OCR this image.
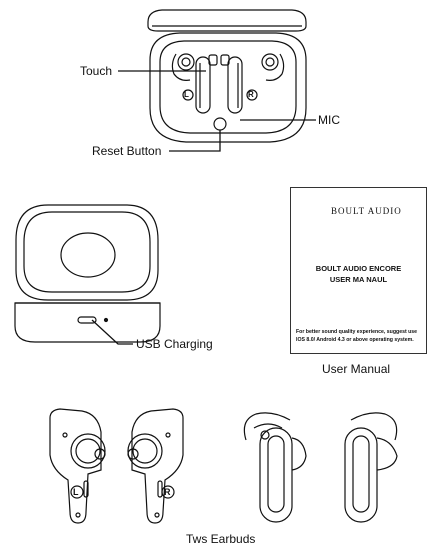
L	R
L	R
Touch
MIC
Reset Button
USB Charging
User Manual
Tws Earbuds
BOULT AUDIO
BOULT AUDIO ENCORE
USER MA NAUL
For better sound quality experience, suggest use
IOS 8.0/ Android 4.3 or above operating system.
